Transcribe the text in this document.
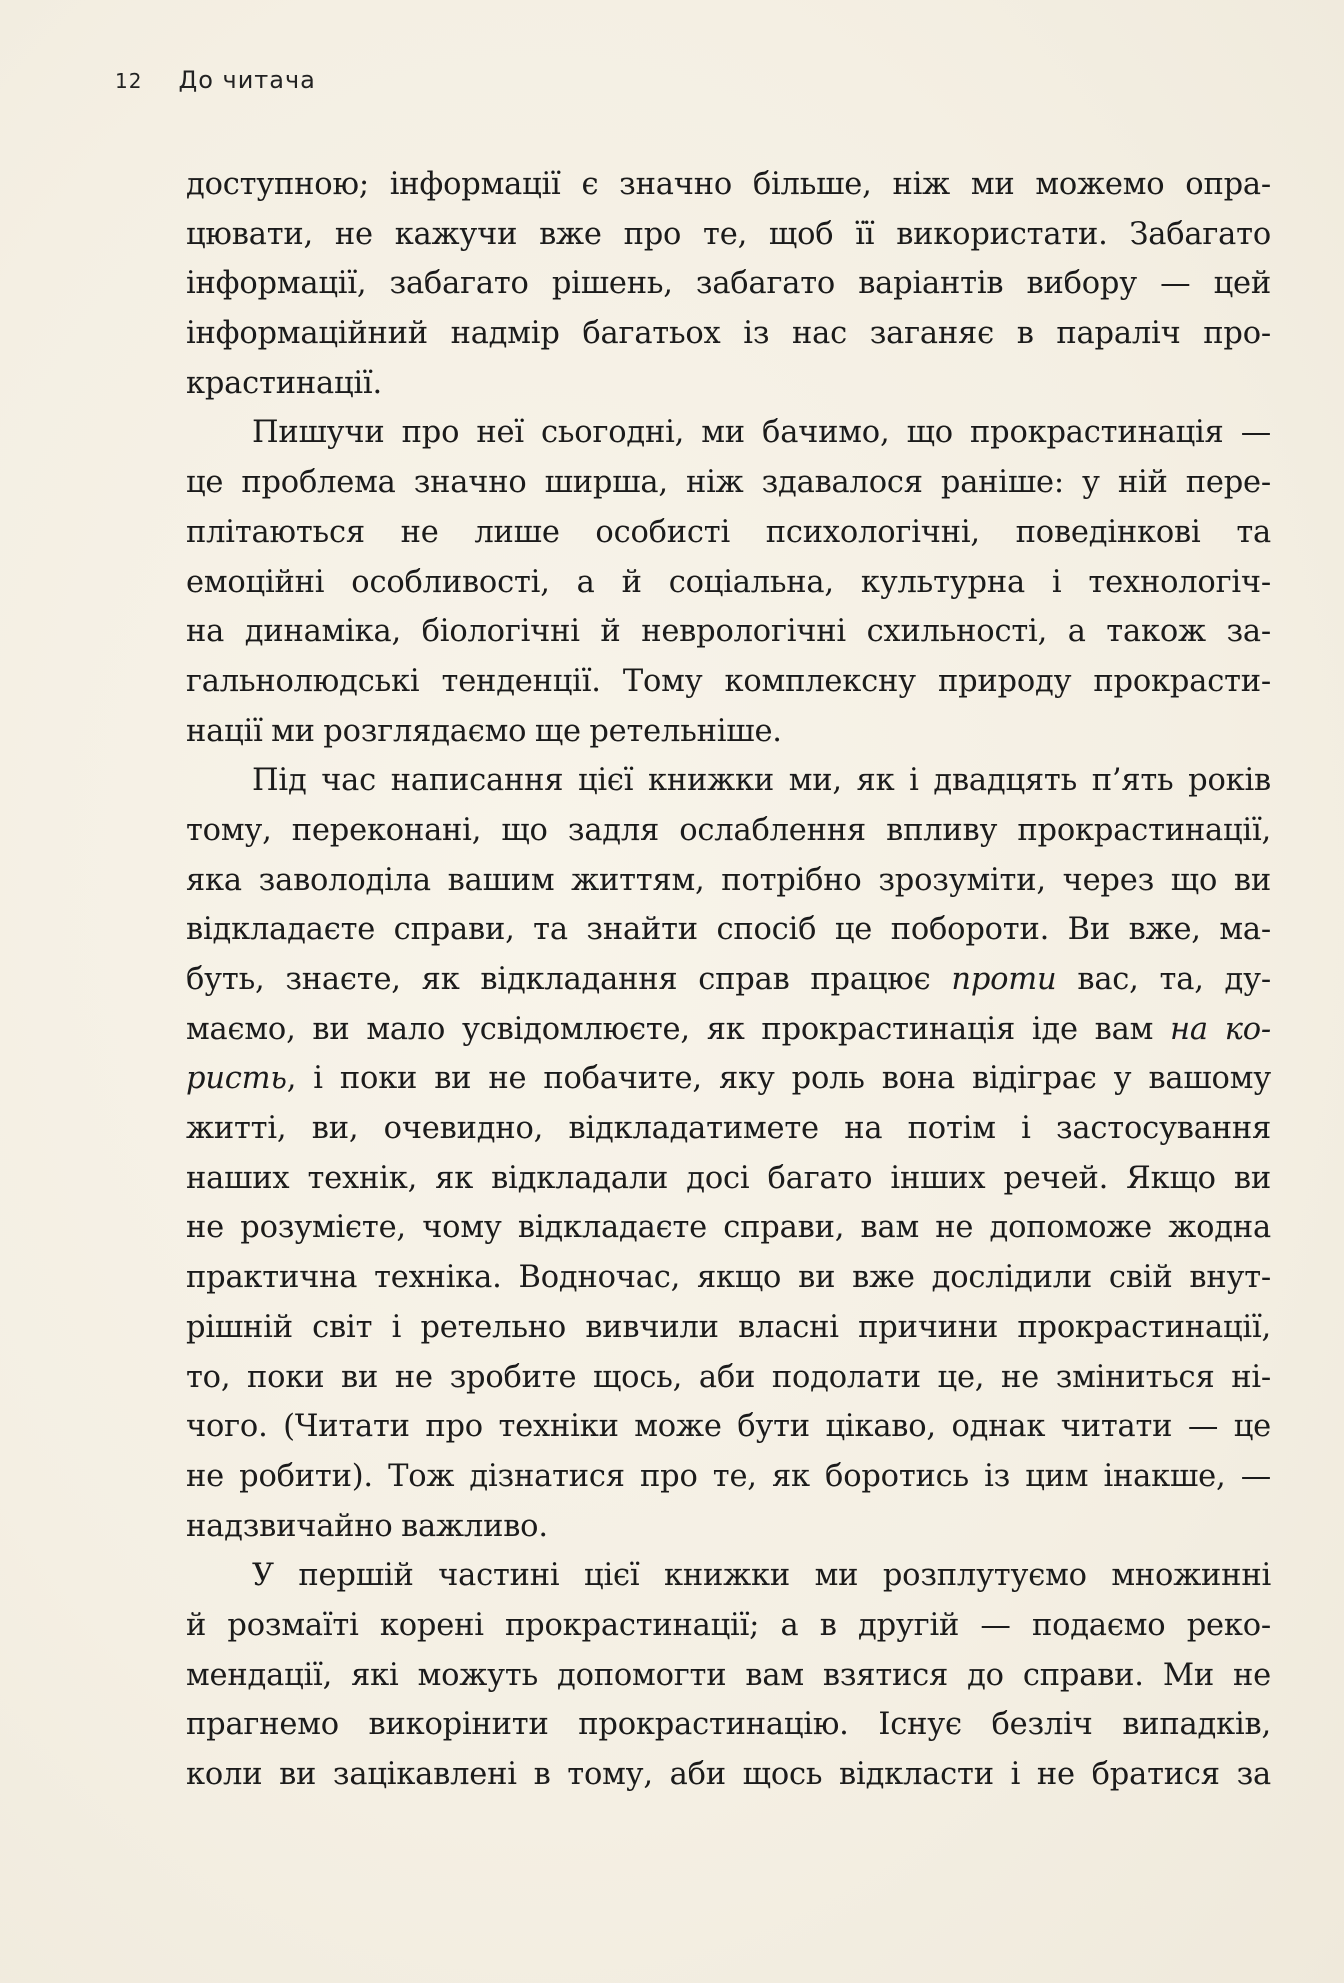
12 До читача
доступною; інформації є значно більше, ніж ми можемо опра-
цювати, не кажучи вже про те, щоб її використати. Забагато
інформації, забагато рішень, забагато варіантів вибору — цей
інформаційний надмір багатьох із нас заганяє в параліч про-
крастинації.
Пишучи про неї сьогодні, ми бачимо, що прокрастинація —
це проблема значно ширша, ніж здавалося раніше: у ній пере-
плітаються не лише особисті психологічні, поведінкові та
емоційні особливості, а й соціальна, культурна і технологіч-
на динаміка, біологічні й неврологічні схильності, а також за-
гальнолюдські тенденції. Тому комплексну природу прокрасти-
нації ми розглядаємо ще ретельніше.
Під час написання цієї книжки ми, як і двадцять п’ять років
тому, переконані, що задля ослаблення впливу прокрастинації,
яка заволоділа вашим життям, потрібно зрозуміти, через що ви
відкладаєте справи, та знайти спосіб це побороти. Ви вже, ма-
буть, знаєте, як відкладання справ працює проти вас, та, ду-
маємо, ви мало усвідомлюєте, як прокрастинація іде вам на ко-
ристь, і поки ви не побачите, яку роль вона відіграє у вашому
житті, ви, очевидно, відкладатимете на потім і застосування
наших технік, як відкладали досі багато інших речей. Якщо ви
не розумієте, чому відкладаєте справи, вам не допоможе жодна
практична техніка. Водночас, якщо ви вже дослідили свій внут-
рішній світ і ретельно вивчили власні причини прокрастинації,
то, поки ви не зробите щось, аби подолати це, не зміниться ні-
чого. (Читати про техніки може бути цікаво, однак читати — це
не робити). Тож дізнатися про те, як боротись із цим інакше, —
надзвичайно важливо.
У першій частині цієї книжки ми розплутуємо множинні
й розмаїті корені прокрастинації; а в другій — подаємо реко-
мендації, які можуть допомогти вам взятися до справи. Ми не
прагнемо викорінити прокрастинацію. Існує безліч випадків,
коли ви зацікавлені в тому, аби щось відкласти і не братися за
